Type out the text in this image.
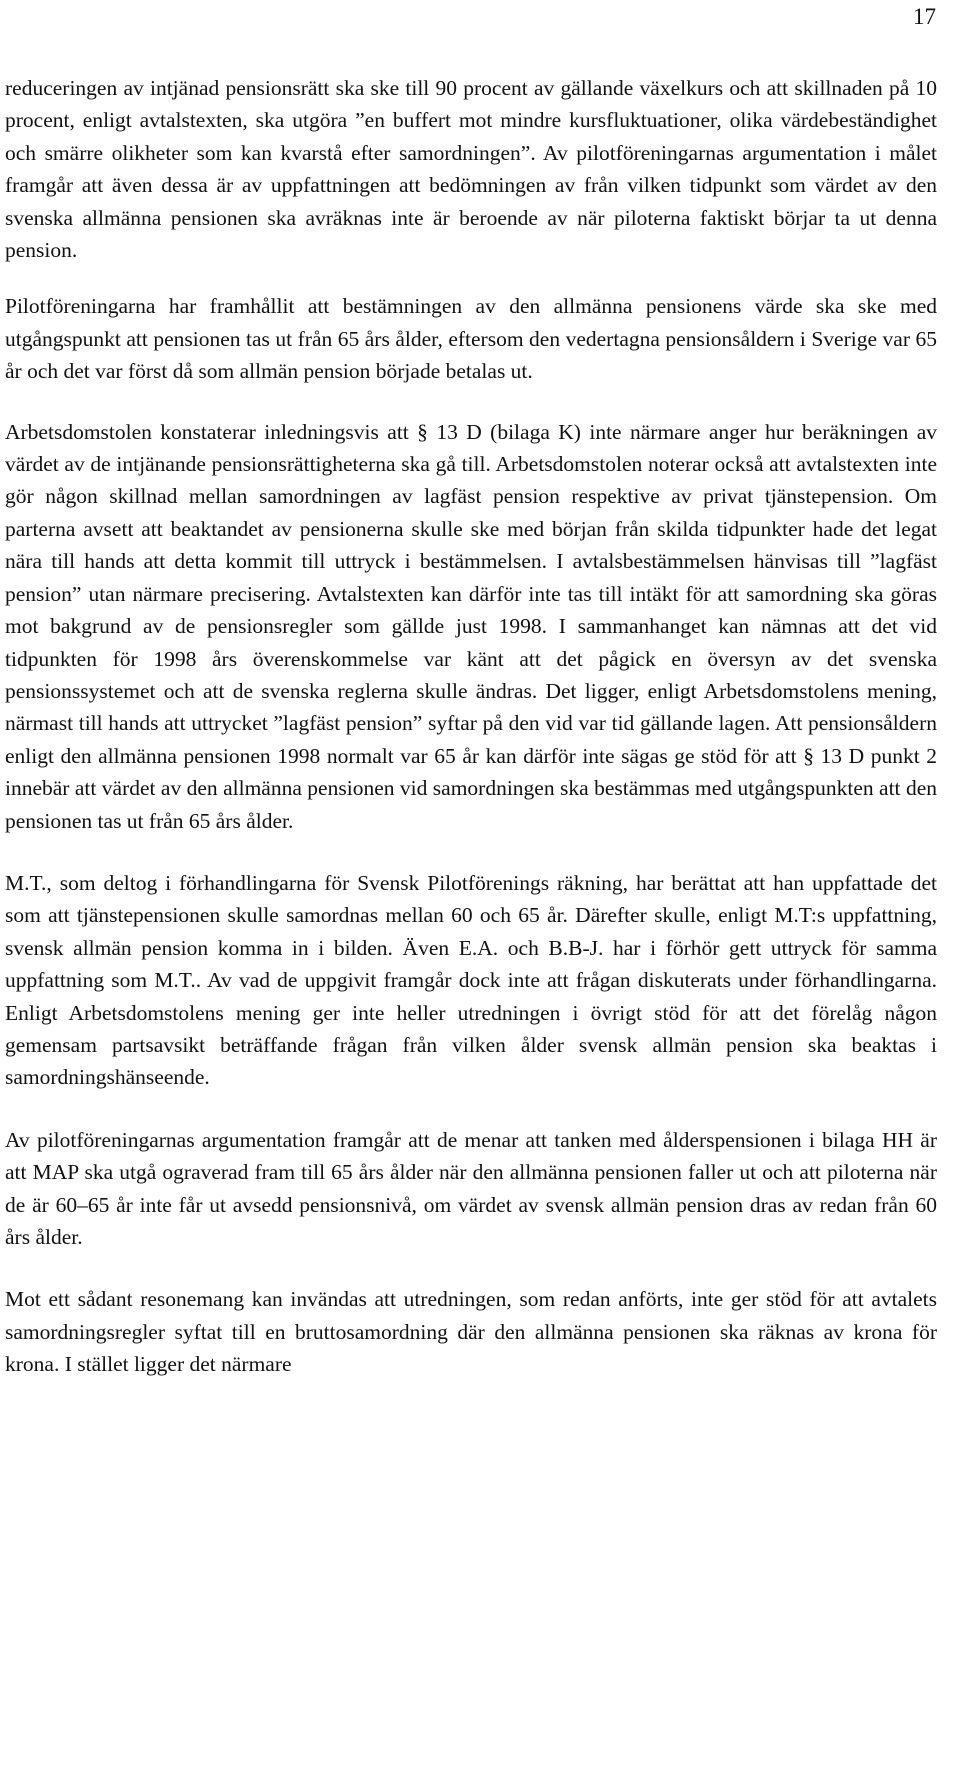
17

reduceringen av intjänad pensionsrätt ska ske till 90 procent av gällande växelkurs och att skillnaden på 10 procent, enligt avtalstexten, ska utgöra ”en buffert mot mindre kursfluktuationer, olika värdebeständighet och smärre olikheter som kan kvarstå efter samordningen”. Av pilotföreningarnas argumentation i målet framgår att även dessa är av uppfattningen att bedömningen av från vilken tidpunkt som värdet av den svenska allmänna pensionen ska avräknas inte är beroende av när piloterna faktiskt börjar ta ut denna pension.

Pilotföreningarna har framhållit att bestämningen av den allmänna pensionens värde ska ske med utgångspunkt att pensionen tas ut från 65 års ålder, eftersom den vedertagna pensionsåldern i Sverige var 65 år och det var först då som allmän pension började betalas ut.

Arbetsdomstolen konstaterar inledningsvis att § 13 D (bilaga K) inte närmare anger hur beräkningen av värdet av de intjänande pensionsrättigheterna ska gå till. Arbetsdomstolen noterar också att avtalstexten inte gör någon skillnad mellan samordningen av lagfäst pension respektive av privat tjänstepension. Om parterna avsett att beaktandet av pensionerna skulle ske med början från skilda tidpunkter hade det legat nära till hands att detta kommit till uttryck i bestämmelsen. I avtalsbestämmelsen hänvisas till ”lagfäst pension” utan närmare precisering. Avtalstexten kan därför inte tas till intäkt för att samordning ska göras mot bakgrund av de pensionsregler som gällde just 1998. I sammanhanget kan nämnas att det vid tidpunkten för 1998 års överenskommelse var känt att det pågick en översyn av det svenska pensionssystemet och att de svenska reglerna skulle ändras. Det ligger, enligt Arbetsdomstolens mening, närmast till hands att uttrycket ”lagfäst pension” syftar på den vid var tid gällande lagen. Att pensionsåldern enligt den allmänna pensionen 1998 normalt var 65 år kan därför inte sägas ge stöd för att § 13 D punkt 2 innebär att värdet av den allmänna pensionen vid samordningen ska bestämmas med utgångspunkten att den pensionen tas ut från 65 års ålder.

M.T., som deltog i förhandlingarna för Svensk Pilotförenings räkning, har berättat att han uppfattade det som att tjänstepensionen skulle samordnas mellan 60 och 65 år. Därefter skulle, enligt M.T:s uppfattning, svensk allmän pension komma in i bilden. Även E.A. och B.B-J. har i förhör gett uttryck för samma uppfattning som M.T.. Av vad de uppgivit framgår dock inte att frågan diskuterats under förhandlingarna. Enligt Arbetsdomstolens mening ger inte heller utredningen i övrigt stöd för att det förelåg någon gemensam partsavsikt beträffande frågan från vilken ålder svensk allmän pension ska beaktas i samordningshänseende.

Av pilotföreningarnas argumentation framgår att de menar att tanken med ålderspensionen i bilaga HH är att MAP ska utgå ograverad fram till 65 års ålder när den allmänna pensionen faller ut och att piloterna när de är 60–65 år inte får ut avsedd pensionsnivå, om värdet av svensk allmän pension dras av redan från 60 års ålder.

Mot ett sådant resonemang kan invändas att utredningen, som redan anförts, inte ger stöd för att avtalets samordningsregler syftat till en bruttosamordning där den allmänna pensionen ska räknas av krona för krona. I stället ligger det närmare
